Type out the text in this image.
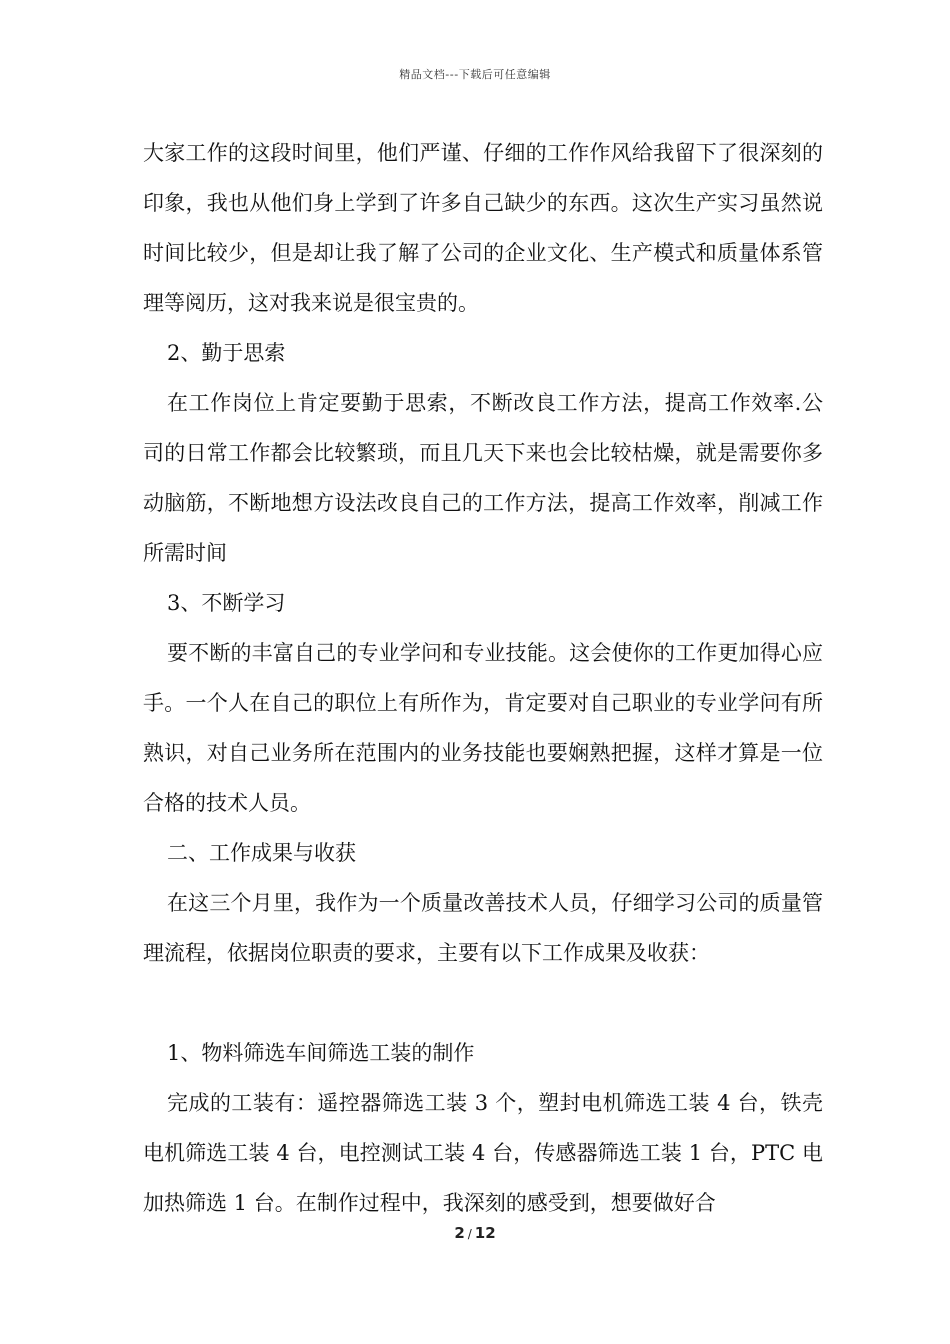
精品文档---下载后可任意编辑

大家工作的这段时间里，他们严谨、仔细的工作作风给我留下了很深刻的印象，我也从他们身上学到了许多自己缺少的东西。这次生产实习虽然说时间比较少，但是却让我了解了公司的企业文化、生产模式和质量体系管理等阅历，这对我来说是很宝贵的。

2、勤于思索

在工作岗位上肯定要勤于思索，不断改良工作方法，提高工作效率.公司的日常工作都会比较繁琐，而且几天下来也会比较枯燥，就是需要你多动脑筋，不断地想方设法改良自己的工作方法，提高工作效率，削减工作所需时间

3、不断学习

要不断的丰富自己的专业学问和专业技能。这会使你的工作更加得心应手。一个人在自己的职位上有所作为，肯定要对自己职业的专业学问有所熟识，对自己业务所在范围内的业务技能也要娴熟把握，这样才算是一位合格的技术人员。

二、工作成果与收获

在这三个月里，我作为一个质量改善技术人员，仔细学习公司的质量管理流程，依据岗位职责的要求，主要有以下工作成果及收获：

1、物料筛选车间筛选工装的制作

完成的工装有：遥控器筛选工装 3 个，塑封电机筛选工装 4 台，铁壳电机筛选工装 4 台，电控测试工装 4 台，传感器筛选工装 1 台，PTC 电加热筛选 1 台。在制作过程中，我深刻的感受到，想要做好合

2 / 12
